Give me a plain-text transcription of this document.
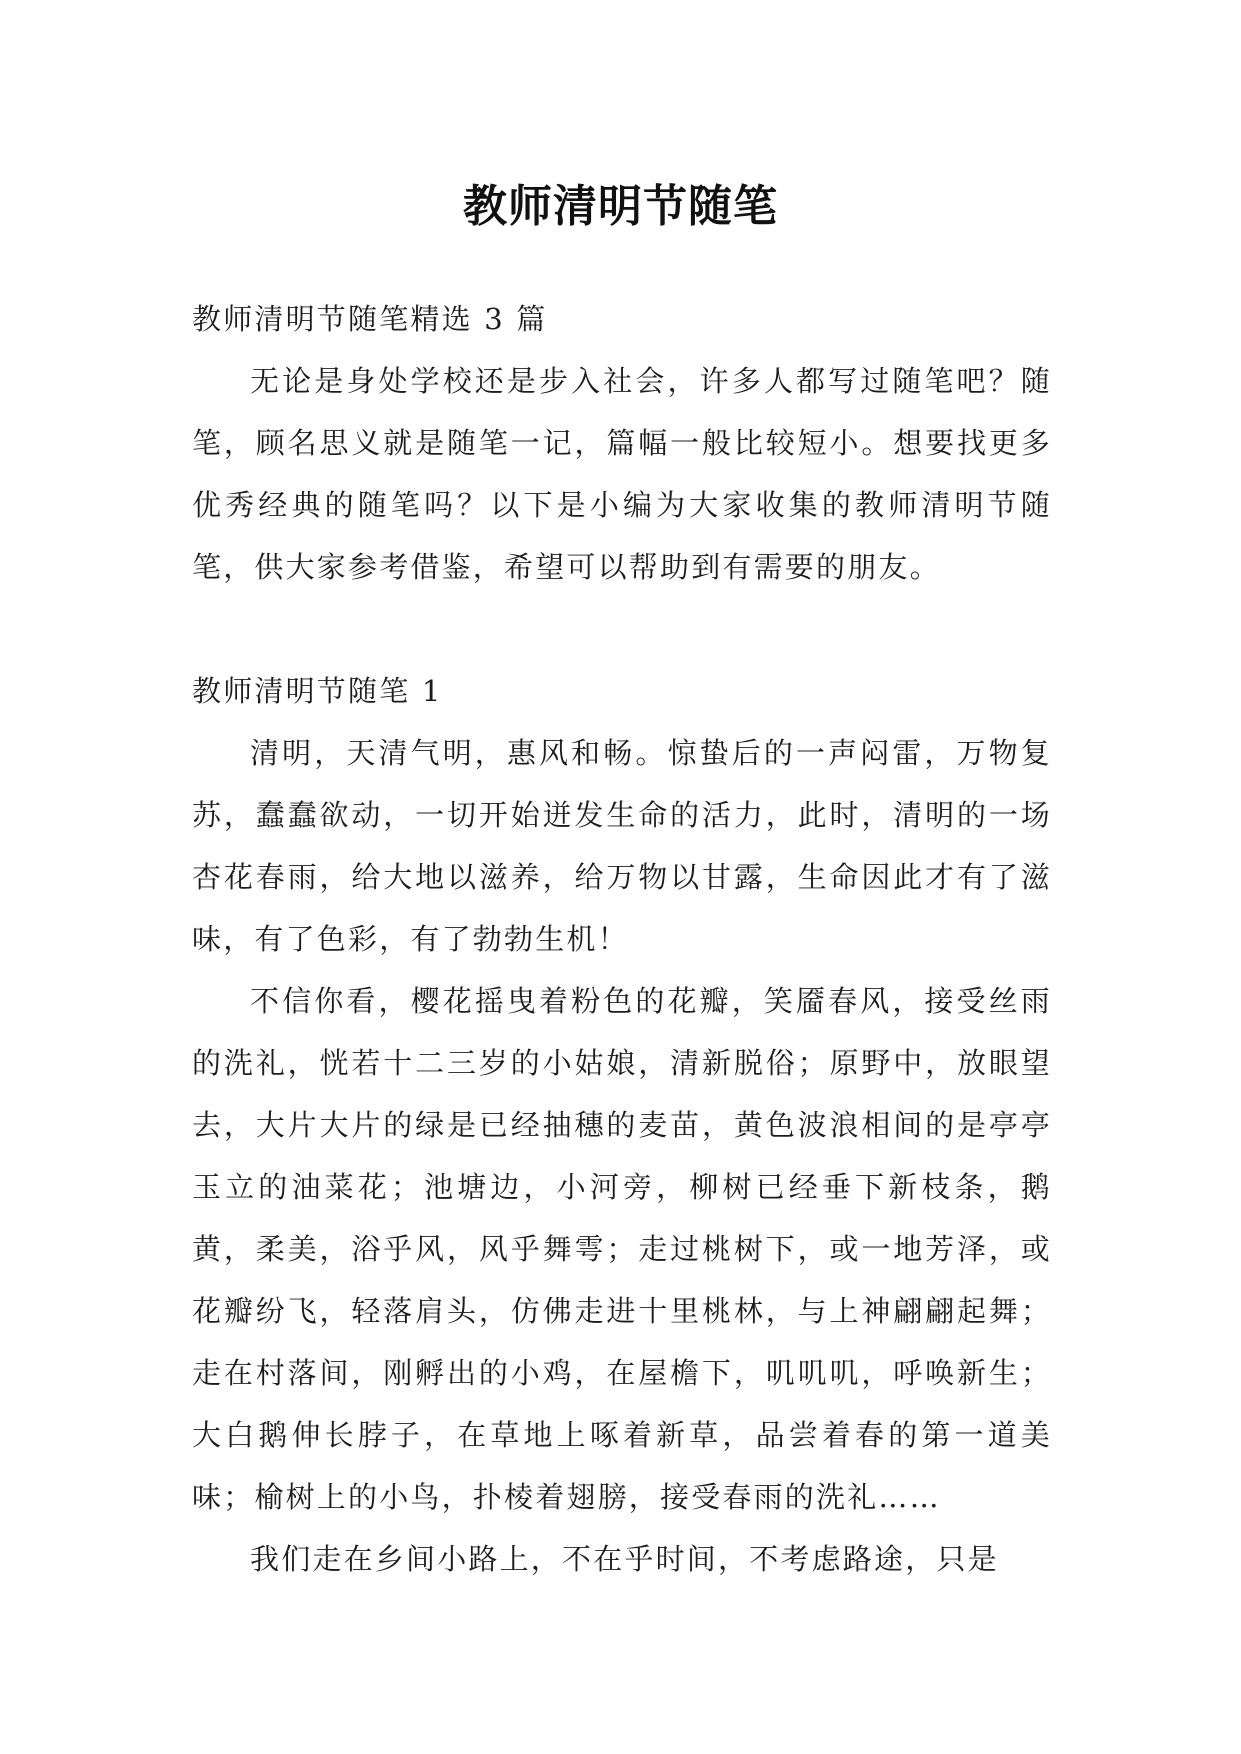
教师清明节随笔

教师清明节随笔精选 3 篇

无论是身处学校还是步入社会，许多人都写过随笔吧？随笔，顾名思义就是随笔一记，篇幅一般比较短小。想要找更多优秀经典的随笔吗？以下是小编为大家收集的教师清明节随笔，供大家参考借鉴，希望可以帮助到有需要的朋友。

教师清明节随笔 1

清明，天清气明，惠风和畅。惊蛰后的一声闷雷，万物复苏，蠢蠢欲动，一切开始迸发生命的活力，此时，清明的一场杏花春雨，给大地以滋养，给万物以甘露，生命因此才有了滋味，有了色彩，有了勃勃生机！

不信你看，樱花摇曳着粉色的花瓣，笑靥春风，接受丝雨的洗礼，恍若十二三岁的小姑娘，清新脱俗；原野中，放眼望去，大片大片的绿是已经抽穗的麦苗，黄色波浪相间的是亭亭玉立的油菜花；池塘边，小河旁，柳树已经垂下新枝条，鹅黄，柔美，浴乎风，风乎舞雩；走过桃树下，或一地芳泽，或花瓣纷飞，轻落肩头，仿佛走进十里桃林，与上神翩翩起舞；走在村落间，刚孵出的小鸡，在屋檐下，叽叽叽，呼唤新生；大白鹅伸长脖子，在草地上啄着新草，品尝着春的第一道美味；榆树上的小鸟，扑棱着翅膀，接受春雨的洗礼……

我们走在乡间小路上，不在乎时间，不考虑路途，只是
